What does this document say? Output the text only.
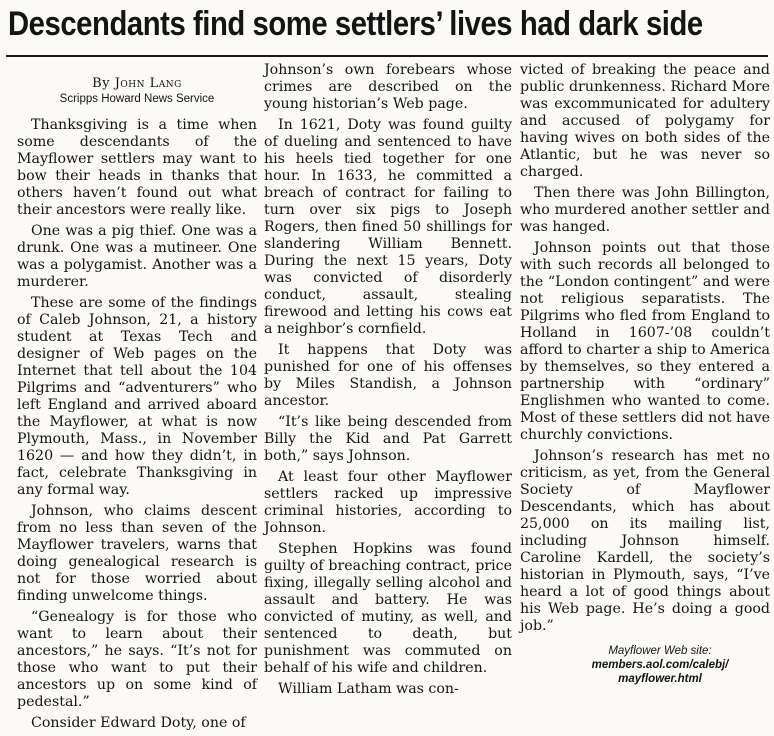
Descendants find some settlers’ lives had dark side
By John Lang
Scripps Howard News Service

Thanksgiving is a time when some descendants of the Mayflower settlers may want to bow their heads in thanks that others haven’t found out what their ancestors were really like.

One was a pig thief. One was a drunk. One was a mutineer. One was a polygamist. Another was a murderer.

These are some of the findings of Caleb Johnson, 21, a history student at Texas Tech and designer of Web pages on the Internet that tell about the 104 Pilgrims and “adventurers” who left England and arrived aboard the Mayflower, at what is now Plymouth, Mass., in November 1620 — and how they didn’t, in fact, celebrate Thanksgiving in any formal way.

Johnson, who claims descent from no less than seven of the Mayflower travelers, warns that doing genealogical research is not for those worried about finding unwelcome things.

“Genealogy is for those who want to learn about their ancestors,” he says. “It’s not for those who want to put their ancestors up on some kind of pedestal.”

Consider Edward Doty, one of

Johnson’s own forebears whose crimes are described on the young historian’s Web page.

In 1621, Doty was found guilty of dueling and sentenced to have his heels tied together for one hour. In 1633, he committed a breach of contract for failing to turn over six pigs to Joseph Rogers, then fined 50 shillings for slandering William Bennett. During the next 15 years, Doty was convicted of disorderly conduct, assault, stealing firewood and letting his cows eat a neighbor’s cornfield.

It happens that Doty was punished for one of his offenses by Miles Standish, a Johnson ancestor.

“It’s like being descended from Billy the Kid and Pat Garrett both,” says Johnson.

At least four other Mayflower settlers racked up impressive criminal histories, according to Johnson.

Stephen Hopkins was found guilty of breaching contract, price fixing, illegally selling alcohol and assault and battery. He was convicted of mutiny, as well, and sentenced to death, but punishment was commuted on behalf of his wife and children.

William Latham was con-

victed of breaking the peace and public drunkenness. Richard More was excommunicated for adultery and accused of polygamy for having wives on both sides of the Atlantic, but he was never so charged.

Then there was John Billington, who murdered another settler and was hanged.

Johnson points out that those with such records all belonged to the “London contingent” and were not religious separatists. The Pilgrims who fled from England to Holland in 1607-’08 couldn’t afford to charter a ship to America by themselves, so they entered a partnership with “ordinary” Englishmen who wanted to come. Most of these settlers did not have churchly convictions.

Johnson’s research has met no criticism, as yet, from the General Society of Mayflower Descendants, which has about 25,000 on its mailing list, including Johnson himself. Caroline Kardell, the society’s historian in Plymouth, says, “I’ve heard a lot of good things about his Web page. He’s doing a good job.”

Mayflower Web site:
members.aol.com/calebj/ mayflower.html
